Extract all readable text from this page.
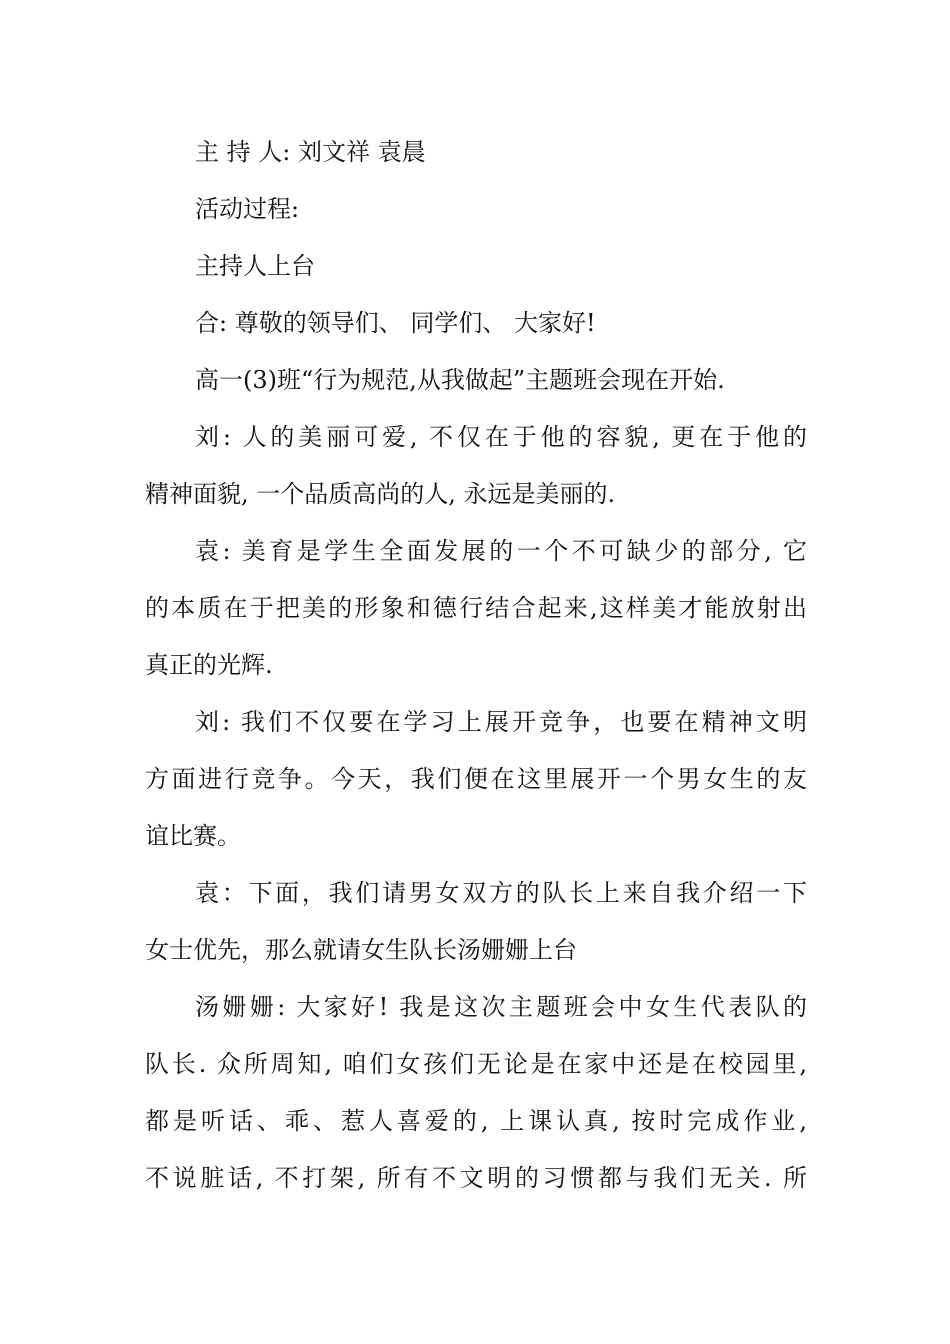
主 持 人: 刘文祥 袁晨
活动过程:
主持人上台
合: 尊敬的领导们、 同学们、 大家好!
高一(3)班“行为规范,从我做起”主题班会现在开始.
刘: 人的美丽可爱, 不仅在于他的容貌, 更在于他的
精神面貌, 一个品质高尚的人, 永远是美丽的.
袁: 美育是学生全面发展的一个不可缺少的部分, 它
的本质在于把美的形象和德行结合起来,这样美才能放射出
真正的光辉.
刘: 我们不仅要在学习上展开竞争，也要在精神文明
方面进行竞争。今天，我们便在这里展开一个男女生的友
谊比赛。
袁：下面，我们请男女双方的队长上来自我介绍一下
女士优先，那么就请女生队长汤姗姗上台
汤姗姗: 大家好! 我是这次主题班会中女生代表队的
队长. 众所周知, 咱们女孩们无论是在家中还是在校园里,
都是听话、乖、惹人喜爱的, 上课认真, 按时完成作业,
不说脏话, 不打架, 所有不文明的习惯都与我们无关. 所
